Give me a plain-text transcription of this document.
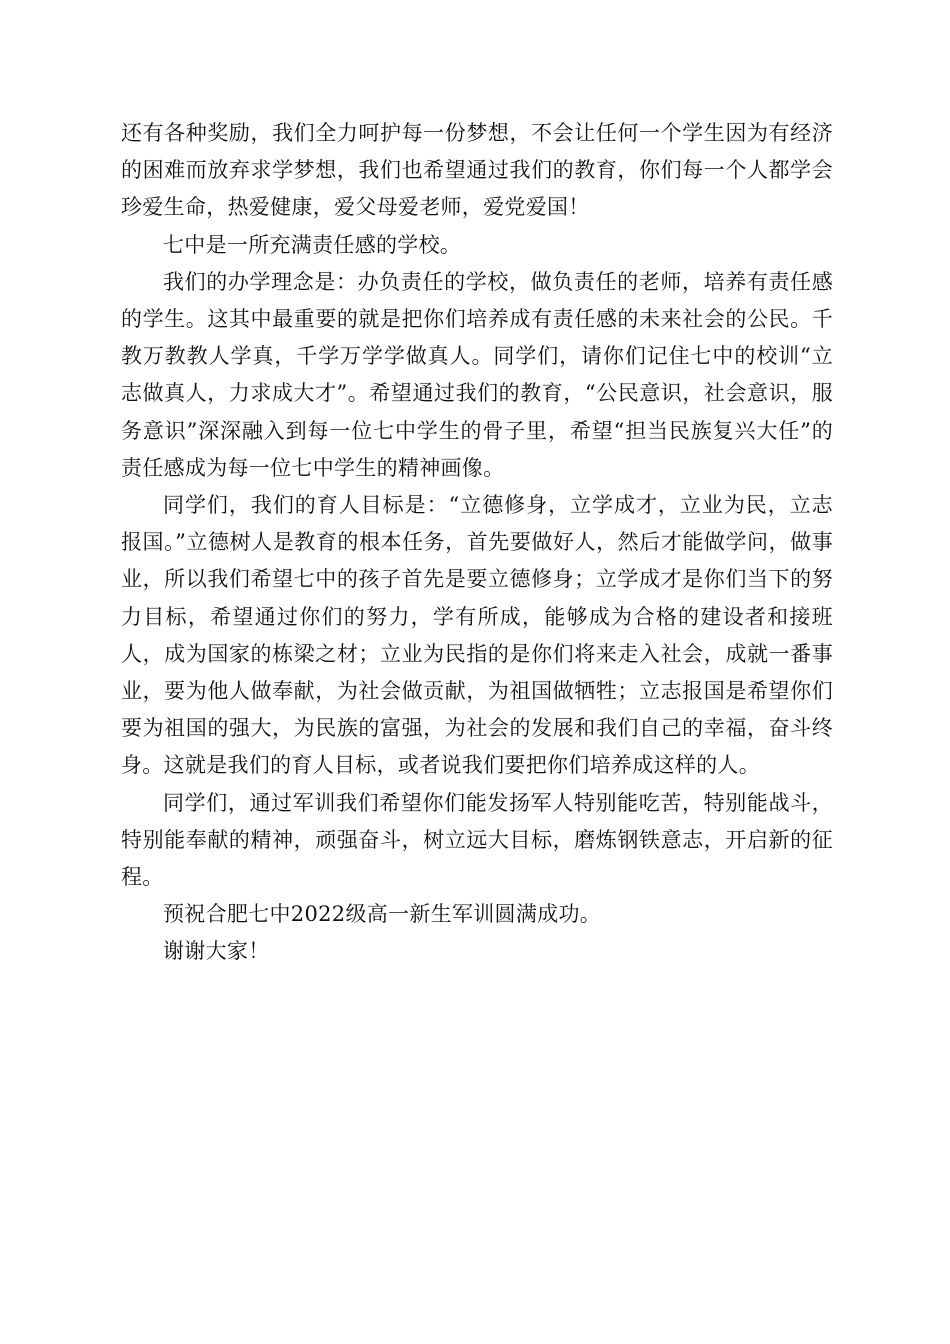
还有各种奖励，我们全力呵护每一份梦想，不会让任何一个学生因为有经济的困难而放弃求学梦想，我们也希望通过我们的教育，你们每一个人都学会珍爱生命，热爱健康，爱父母爱老师，爱党爱国！

七中是一所充满责任感的学校。

我们的办学理念是：办负责任的学校，做负责任的老师，培养有责任感的学生。这其中最重要的就是把你们培养成有责任感的未来社会的公民。千教万教教人学真，千学万学学做真人。同学们，请你们记住七中的校训“立志做真人，力求成大才”。希望通过我们的教育，“公民意识，社会意识，服务意识”深深融入到每一位七中学生的骨子里，希望“担当民族复兴大任”的责任感成为每一位七中学生的精神画像。

同学们，我们的育人目标是：“立德修身，立学成才，立业为民，立志报国。”立德树人是教育的根本任务，首先要做好人，然后才能做学问，做事业，所以我们希望七中的孩子首先是要立德修身；立学成才是你们当下的努力目标，希望通过你们的努力，学有所成，能够成为合格的建设者和接班人，成为国家的栋梁之材；立业为民指的是你们将来走入社会，成就一番事业，要为他人做奉献，为社会做贡献，为祖国做牺牲；立志报国是希望你们要为祖国的强大，为民族的富强，为社会的发展和我们自己的幸福，奋斗终身。这就是我们的育人目标，或者说我们要把你们培养成这样的人。

同学们，通过军训我们希望你们能发扬军人特别能吃苦，特别能战斗，特别能奉献的精神，顽强奋斗，树立远大目标，磨炼钢铁意志，开启新的征程。

预祝合肥七中2022级高一新生军训圆满成功。

谢谢大家！
